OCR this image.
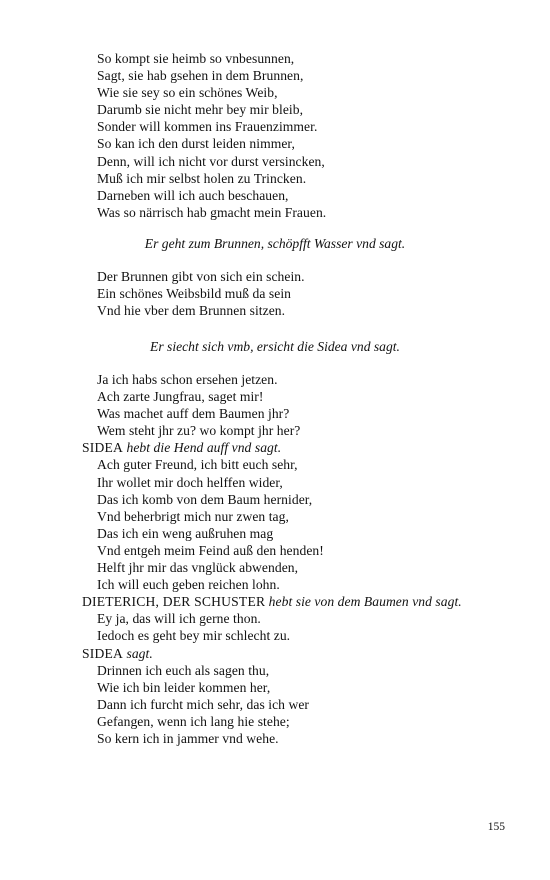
So kompt sie heimb so vnbesunnen,
Sagt, sie hab gsehen in dem Brunnen,
Wie sie sey so ein schönes Weib,
Darumb sie nicht mehr bey mir bleib,
Sonder will kommen ins Frauenzimmer.
So kan ich den durst leiden nimmer,
Denn, will ich nicht vor durst versincken,
Muß ich mir selbst holen zu Trincken.
Darneben will ich auch beschauen,
Was so närrisch hab gmacht mein Frauen.
Er geht zum Brunnen, schöpfft Wasser vnd sagt.
Der Brunnen gibt von sich ein schein.
Ein schönes Weibsbild muß da sein
Vnd hie vber dem Brunnen sitzen.
Er siecht sich vmb, ersicht die Sidea vnd sagt.
Ja ich habs schon ersehen jetzen.
Ach zarte Jungfrau, saget mir!
Was machet auff dem Baumen jhr?
Wem steht jhr zu? wo kompt jhr her?
SIDEA hebt die Hend auff vnd sagt.
Ach guter Freund, ich bitt euch sehr,
Ihr wollet mir doch helffen wider,
Das ich komb von dem Baum hernider,
Vnd beherbrigt mich nur zwen tag,
Das ich ein weng außruhen mag
Vnd entgeh meim Feind auß den henden!
Helft jhr mir das vnglück abwenden,
Ich will euch geben reichen lohn.
DIETERICH, DER SCHUSTER hebt sie von dem Baumen vnd sagt.
Ey ja, das will ich gerne thon.
Iedoch es geht bey mir schlecht zu.
SIDEA sagt.
Drinnen ich euch als sagen thu,
Wie ich bin leider kommen her,
Dann ich furcht mich sehr, das ich wer
Gefangen, wenn ich lang hie stehe;
So kern ich in jammer vnd wehe.
155
